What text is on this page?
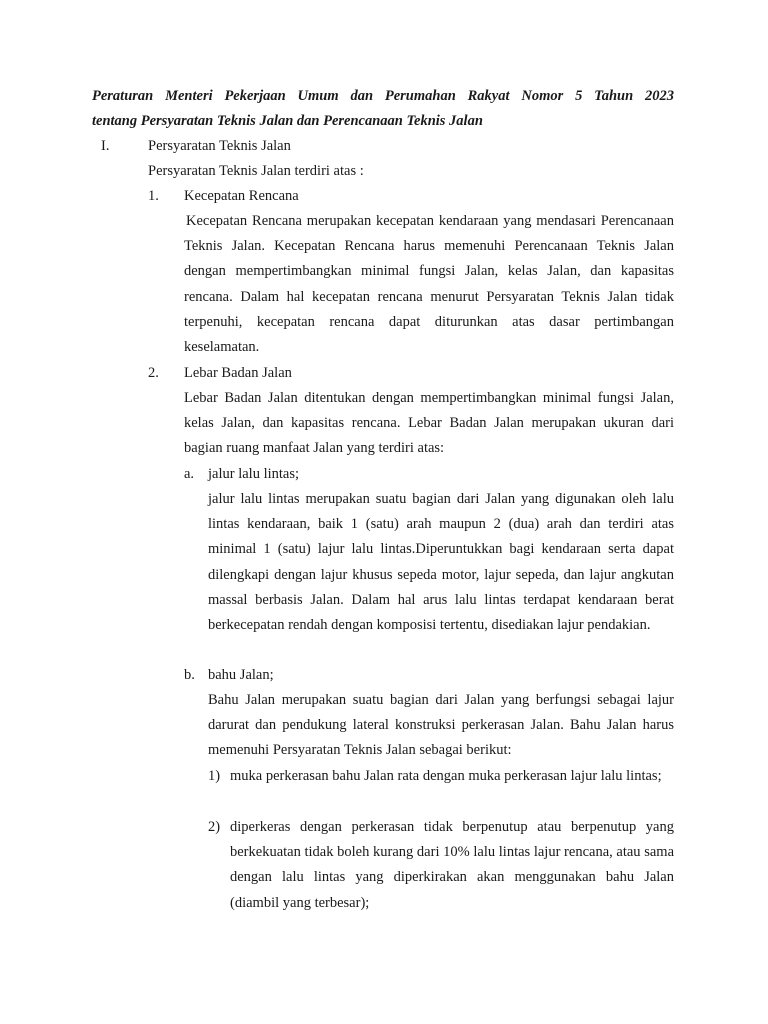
Peraturan Menteri Pekerjaan Umum dan Perumahan Rakyat Nomor 5 Tahun 2023
tentang Persyaratan Teknis Jalan dan Perencanaan Teknis Jalan
I.	Persyaratan Teknis Jalan
Persyaratan Teknis Jalan terdiri atas :
1. Kecepatan Rencana
Kecepatan Rencana merupakan kecepatan kendaraan yang mendasari Perencanaan Teknis Jalan. Kecepatan Rencana harus memenuhi Perencanaan Teknis Jalan dengan mempertimbangkan minimal fungsi Jalan, kelas Jalan, dan kapasitas rencana. Dalam hal kecepatan rencana menurut Persyaratan Teknis Jalan tidak terpenuhi, kecepatan rencana dapat diturunkan atas dasar pertimbangan keselamatan.
2. Lebar Badan Jalan
Lebar Badan Jalan ditentukan dengan mempertimbangkan minimal fungsi Jalan, kelas Jalan, dan kapasitas rencana. Lebar Badan Jalan merupakan ukuran dari bagian ruang manfaat Jalan yang terdiri atas:
a. jalur lalu lintas;
jalur lalu lintas merupakan suatu bagian dari Jalan yang digunakan oleh lalu lintas kendaraan, baik 1 (satu) arah maupun 2 (dua) arah dan terdiri atas minimal 1 (satu) lajur lalu lintas.Diperuntukkan bagi kendaraan serta dapat dilengkapi dengan lajur khusus sepeda motor, lajur sepeda, dan lajur angkutan massal berbasis Jalan. Dalam hal arus lalu lintas terdapat kendaraan berat berkecepatan rendah dengan komposisi tertentu, disediakan lajur pendakian.
b. bahu Jalan;
Bahu Jalan merupakan suatu bagian dari Jalan yang berfungsi sebagai lajur darurat dan pendukung lateral konstruksi perkerasan Jalan. Bahu Jalan harus memenuhi Persyaratan Teknis Jalan sebagai berikut:
1) muka perkerasan bahu Jalan rata dengan muka perkerasan lajur lalu lintas;
2) diperkeras dengan perkerasan tidak berpenutup atau berpenutup yang berkekuatan tidak boleh kurang dari 10% lalu lintas lajur rencana, atau sama dengan lalu lintas yang diperkirakan akan menggunakan bahu Jalan (diambil yang terbesar);
